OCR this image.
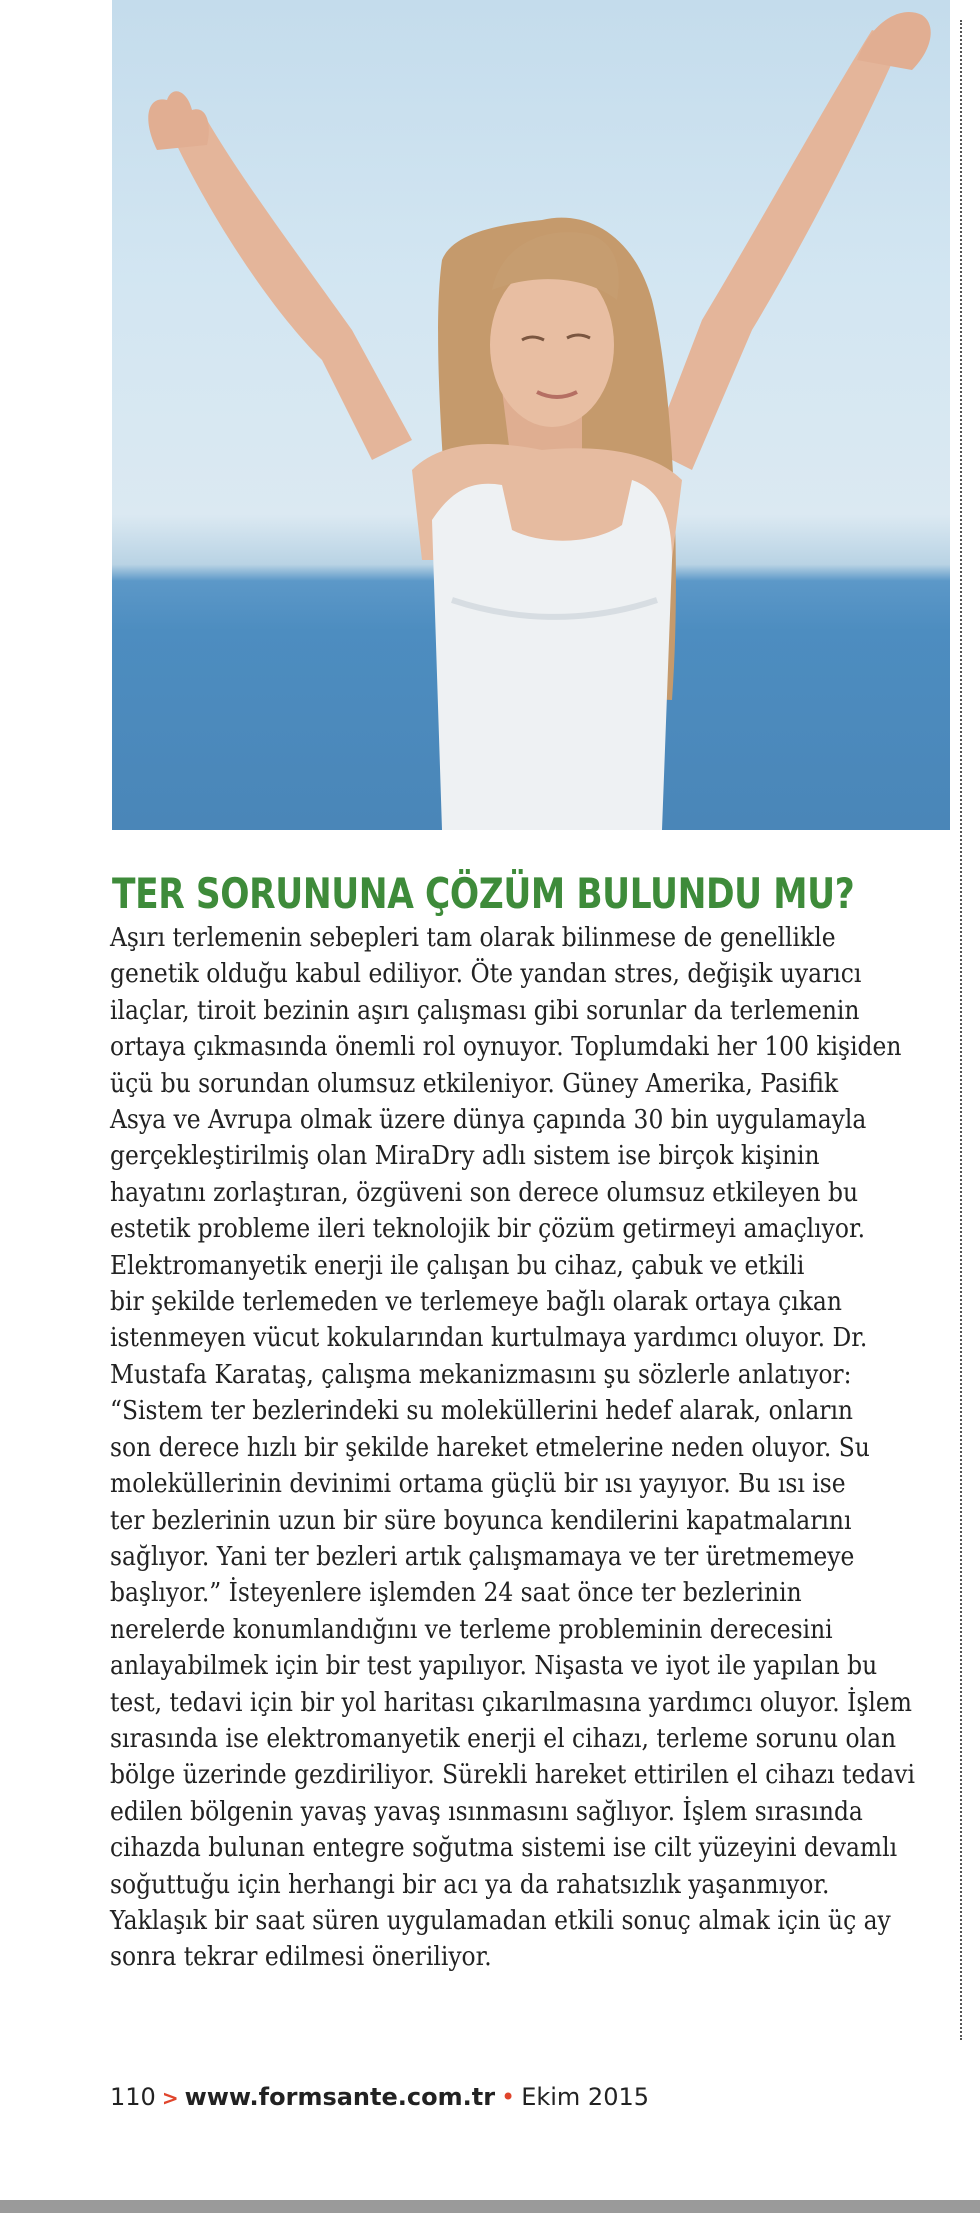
TER SORUNUNA ÇÖZÜM BULUNDU MU?
Aşırı terlemenin sebepleri tam olarak bilinmese de genellikle
genetik olduğu kabul ediliyor. Öte yandan stres, değişik uyarıcı
ilaçlar, tiroit bezinin aşırı çalışması gibi sorunlar da terlemenin
ortaya çıkmasında önemli rol oynuyor. Toplumdaki her 100 kişiden
üçü bu sorundan olumsuz etkileniyor. Güney Amerika, Pasifik
Asya ve Avrupa olmak üzere dünya çapında 30 bin uygulamayla
gerçekleştirilmiş olan MiraDry adlı sistem ise birçok kişinin
hayatını zorlaştıran, özgüveni son derece olumsuz etkileyen bu
estetik probleme ileri teknolojik bir çözüm getirmeyi amaçlıyor.
Elektromanyetik enerji ile çalışan bu cihaz, çabuk ve etkili
bir şekilde terlemeden ve terlemeye bağlı olarak ortaya çıkan
istenmeyen vücut kokularından kurtulmaya yardımcı oluyor. Dr.
Mustafa Karataş, çalışma mekanizmasını şu sözlerle anlatıyor:
“Sistem ter bezlerindeki su moleküllerini hedef alarak, onların
son derece hızlı bir şekilde hareket etmelerine neden oluyor. Su
moleküllerinin devinimi ortama güçlü bir ısı yayıyor. Bu ısı ise
ter bezlerinin uzun bir süre boyunca kendilerini kapatmalarını
sağlıyor. Yani ter bezleri artık çalışmamaya ve ter üretmemeye
başlıyor.” İsteyenlere işlemden 24 saat önce ter bezlerinin
nerelerde konumlandığını ve terleme probleminin derecesini
anlayabilmek için bir test yapılıyor. Nişasta ve iyot ile yapılan bu
test, tedavi için bir yol haritası çıkarılmasına yardımcı oluyor. İşlem
sırasında ise elektromanyetik enerji el cihazı, terleme sorunu olan
bölge üzerinde gezdiriliyor. Sürekli hareket ettirilen el cihazı tedavi
edilen bölgenin yavaş yavaş ısınmasını sağlıyor. İşlem sırasında
cihazda bulunan entegre soğutma sistemi ise cilt yüzeyini devamlı
soğuttuğu için herhangi bir acı ya da rahatsızlık yaşanmıyor.
Yaklaşık bir saat süren uygulamadan etkili sonuç almak için üç ay
sonra tekrar edilmesi öneriliyor.
110 > www.formsante.com.tr • Ekim 2015
